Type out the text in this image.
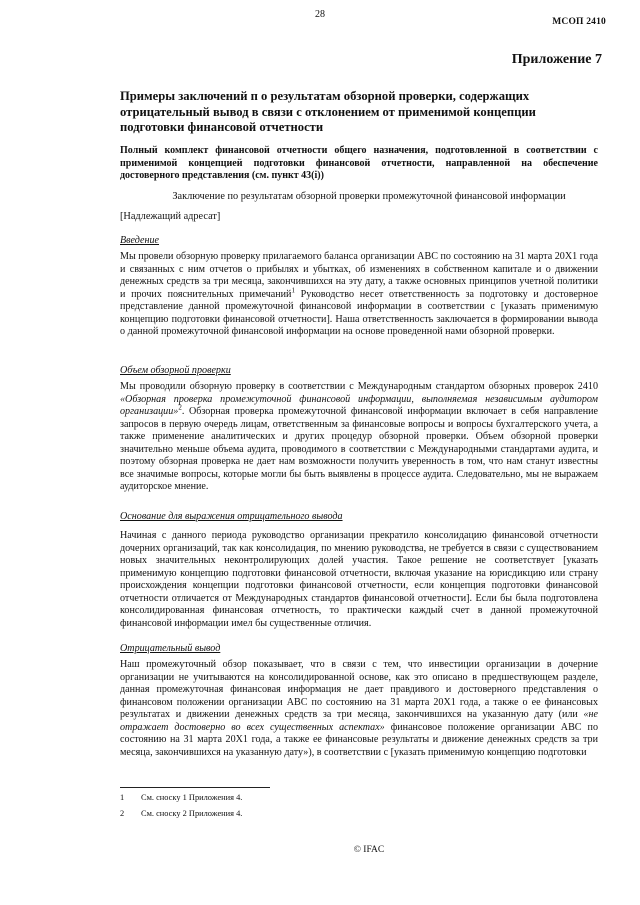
28
МСОП 2410
Приложение 7
Примеры заключений п о результатам обзорной проверки, содержащих отрицательный вывод в связи с отклонением от применимой концепции подготовки финансовой отчетности
Полный комплект финансовой отчетности общего назначения, подготовленной в соответствии с применимой концепцией подготовки финансовой отчетности, направленной на обеспечение достоверного представления (см. пункт 43(i))
Заключение по результатам обзорной проверки промежуточной финансовой информации
[Надлежащий адресат]
Введение

Мы провели обзорную проверку прилагаемого баланса организации ABC по состоянию на 31 марта 20X1 года и связанных с ним отчетов о прибылях и убытках, об изменениях в собственном капитале и о движении денежных средств за три месяца, закончившихся на эту дату, а также основных принципов учетной политики и прочих пояснительных примечаний$^1$ Руководство несет ответственность за подготовку и достоверное представление данной промежуточной финансовой информации в соответствии с [указать применимую концепцию подготовки финансовой отчетности]. Наша ответственность заключается в формировании вывода о данной промежуточной финансовой информации на основе проведенной нами обзорной проверки.

Объем обзорной проверки

Мы проводили обзорную проверку в соответствии с Международным стандартом обзорных проверок 2410 «Обзорная проверка промежуточной финансовой информации, выполняемая независимым аудитором организации»$^2$. Обзорная проверка промежуточной финансовой информации включает в себя направление запросов в первую очередь лицам, ответственным за финансовые вопросы и вопросы бухгалтерского учета, а также применение аналитических и других процедур обзорной проверки. Объем обзорной проверки значительно меньше объема аудита, проводимого в соответствии с Международными стандартами аудита, и поэтому обзорная проверка не дает нам возможности получить уверенность в том, что нам станут известны все значимые вопросы, которые могли бы быть выявлены в процессе аудита. Следовательно, мы не выражаем аудиторское мнение.

Основание для выражения отрицательного вывода

Начиная с данного периода руководство организации прекратило консолидацию финансовой отчетности дочерних организаций, так как консолидация, по мнению руководства, не требуется в связи с существованием новых значительных неконтролирующих долей участия. Такое решение не соответствует [указать применимую концепцию подготовки финансовой отчетности, включая указание на юрисдикцию или страну происхождения концепции подготовки финансовой отчетности, если концепция подготовки финансовой отчетности отличается от Международных стандартов финансовой отчетности]. Если бы была подготовлена консолидированная финансовая отчетность, то практически каждый счет в данной промежуточной финансовой информации имел бы существенные отличия.

Отрицательный вывод

Наш промежуточный обзор показывает, что в связи с тем, что инвестиции организации в дочерние организации не учитываются на консолидированной основе, как это описано в предшествующем разделе, данная промежуточная финансовая информация не дает правдивого и достоверного представления о финансовом положении организации ABC по состоянию на 31 марта 20X1 года, а также о ее финансовых результатах и движении денежных средств за три месяца, закончившихся на указанную дату (или «не отражает достоверно во всех существенных аспектах» финансовое положение организации ABC по состоянию на 31 марта 20X1 года, а также ее финансовые результаты и движение денежных средств за три месяца, закончившихся на указанную дату»), в соответствии с [указать применимую концепцию подготовки

1 См. сноску 1 Приложения 4.
2 См. сноску 2 Приложения 4.
© IFAC
